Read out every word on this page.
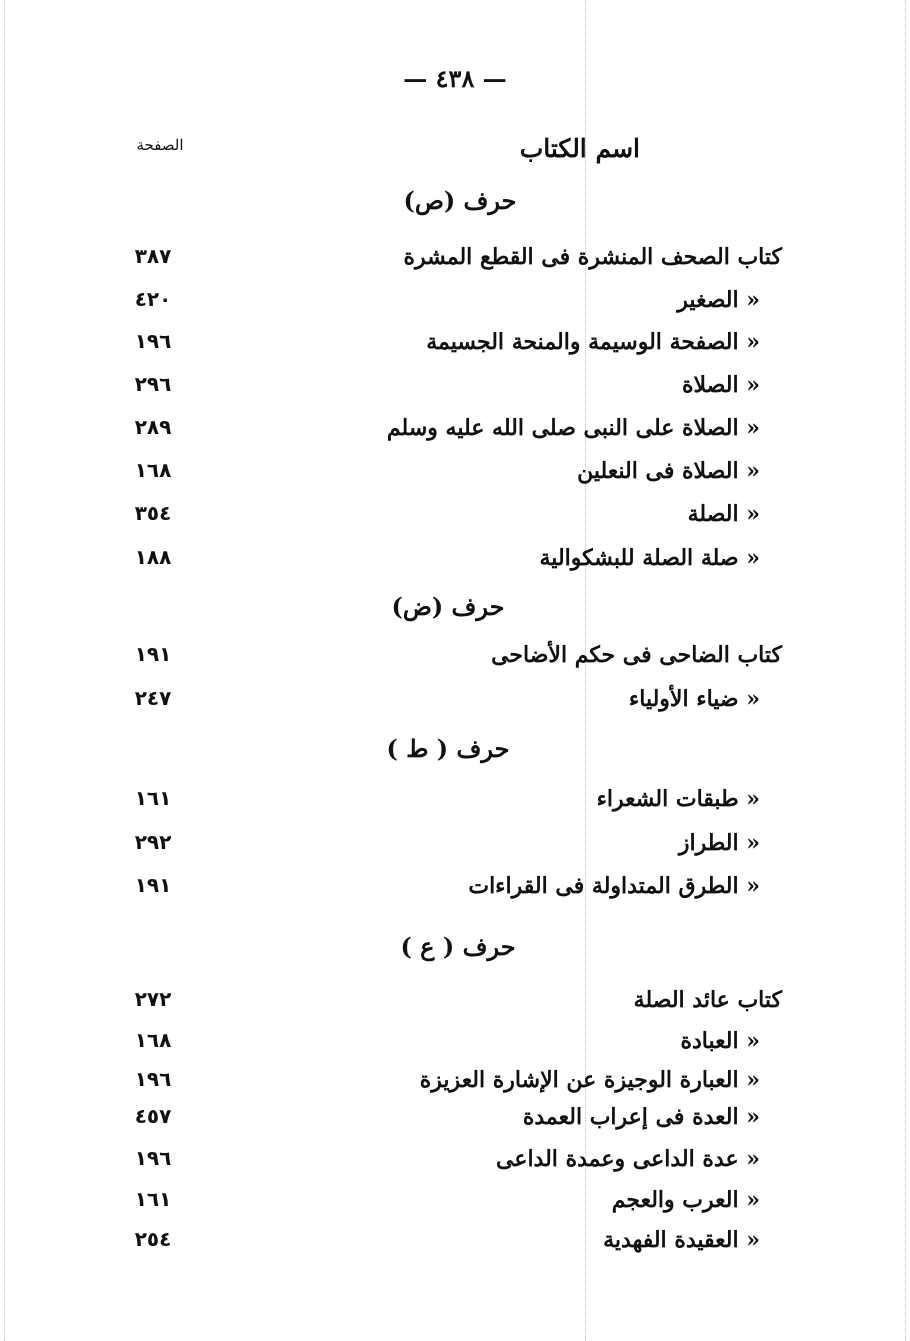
— ٤٣٨ —
اسم الكتاب
الصفحة
حرف (ص)
كتاب الصحف المنشرة فى القطع المشرة
٣٨٧
« الصغير
٤٢٠
« الصفحة الوسيمة والمنحة الجسيمة
١٩٦
« الصلاة
٢٩٦
« الصلاة على النبى صلى الله عليه وسلم
٢٨٩
« الصلاة فى النعلين
١٦٨
« الصلة
٣٥٤
« صلة الصلة للبشكوالية
١٨٨
حرف (ض)
كتاب الضاحى فى حكم الأضاحى
١٩١
« ضياء الأولياء
٢٤٧
حرف ( ط )
« طبقات الشعراء
١٦١
« الطراز
٢٩٢
« الطرق المتداولة فى القراءات
١٩١
حرف ( ع )
كتاب عائد الصلة
٢٧٢
« العبادة
١٦٨
« العبارة الوجيزة عن الإشارة العزيزة
١٩٦
« العدة فى إعراب العمدة
٤٥٧
« عدة الداعى وعمدة الداعى
١٩٦
« العرب والعجم
١٦١
« العقيدة الفهدية
٢٥٤
